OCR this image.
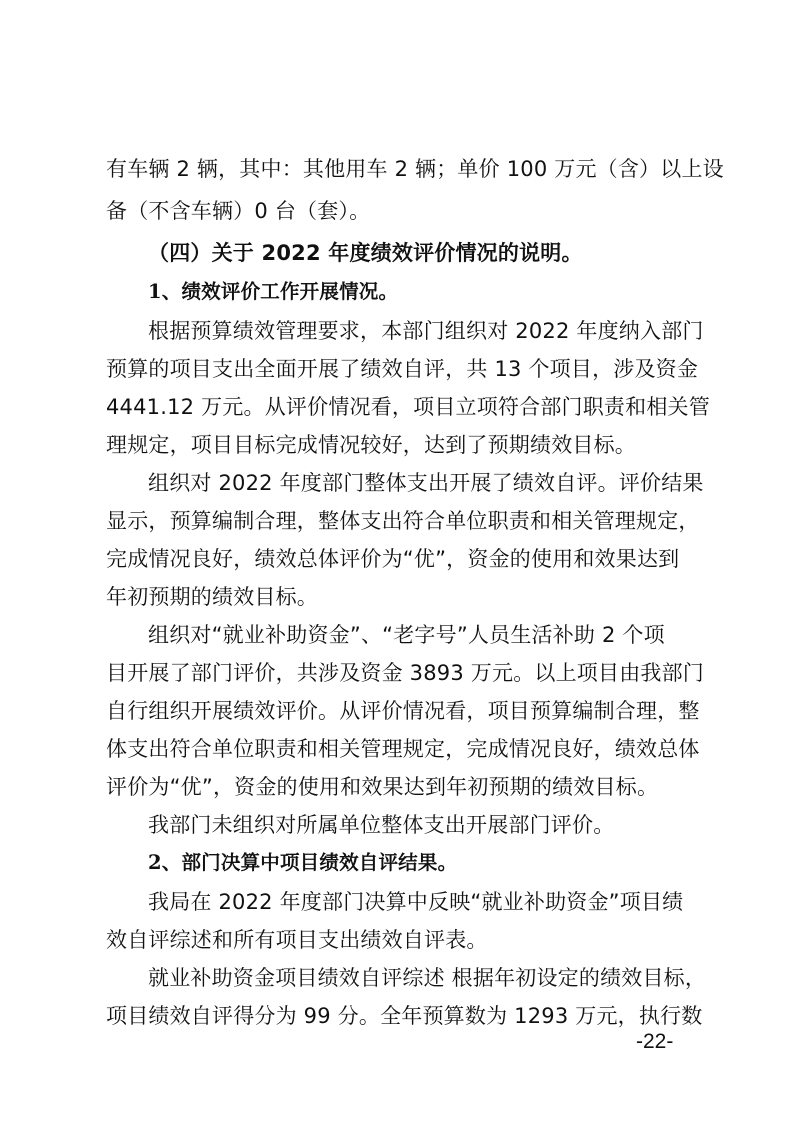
有车辆 2 辆，其中：其他用车 2 辆；单价 100 万元（含）以上设
备（不含车辆）0 台（套）。
（四）关于 2022 年度绩效评价情况的说明。
1、绩效评价工作开展情况。
根据预算绩效管理要求，本部门组织对 2022 年度纳入部门
预算的项目支出全面开展了绩效自评，共 13 个项目，涉及资金
4441.12 万元。从评价情况看，项目立项符合部门职责和相关管
理规定，项目目标完成情况较好，达到了预期绩效目标。
组织对 2022 年度部门整体支出开展了绩效自评。评价结果
显示，预算编制合理，整体支出符合单位职责和相关管理规定，
完成情况良好，绩效总体评价为“优”，资金的使用和效果达到
年初预期的绩效目标。
组织对“就业补助资金”、“老字号”人员生活补助 2 个项
目开展了部门评价，共涉及资金 3893 万元。以上项目由我部门
自行组织开展绩效评价。从评价情况看，项目预算编制合理，整
体支出符合单位职责和相关管理规定，完成情况良好，绩效总体
评价为“优”，资金的使用和效果达到年初预期的绩效目标。
我部门未组织对所属单位整体支出开展部门评价。
2、部门决算中项目绩效自评结果。
我局在 2022 年度部门决算中反映“就业补助资金”项目绩
效自评综述和所有项目支出绩效自评表。
就业补助资金项目绩效自评综述 根据年初设定的绩效目标，
项目绩效自评得分为 99 分。全年预算数为 1293 万元，执行数
-22-
